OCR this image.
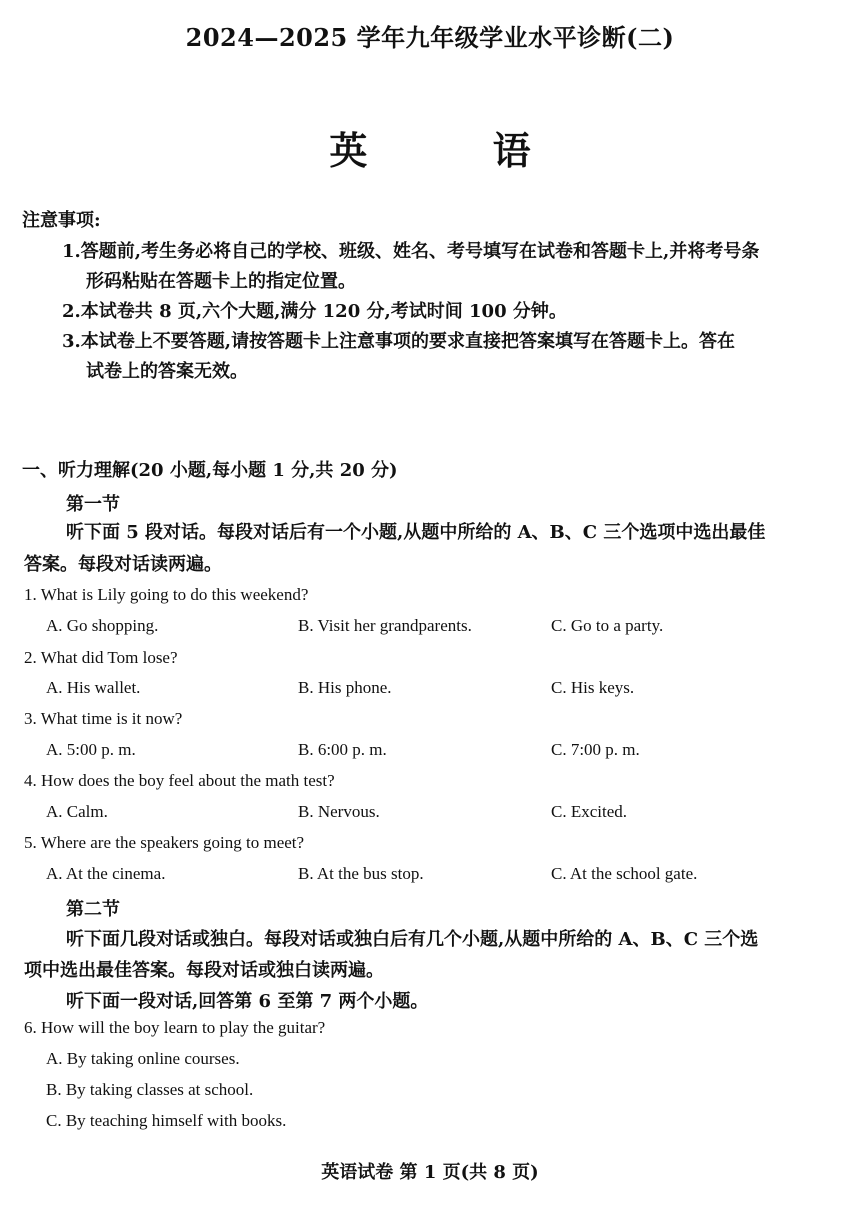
2024—2025 学年九年级学业水平诊断(二)
英 语
注意事项:
1.答题前,考生务必将自己的学校、班级、姓名、考号填写在试卷和答题卡上,并将考号条
形码粘贴在答题卡上的指定位置。
2.本试卷共 8 页,六个大题,满分 120 分,考试时间 100 分钟。
3.本试卷上不要答题,请按答题卡上注意事项的要求直接把答案填写在答题卡上。答在
试卷上的答案无效。
一、听力理解(20 小题,每小题 1 分,共 20 分)
第一节
听下面 5 段对话。每段对话后有一个小题,从题中所给的 A、B、C 三个选项中选出最佳
答案。每段对话读两遍。
1. What is Lily going to do this weekend?
A. Go shopping.	B. Visit her grandparents.	C. Go to a party.
2. What did Tom lose?
A. His wallet.	B. His phone.	C. His keys.
3. What time is it now?
A. 5:00 p. m.	B. 6:00 p. m.	C. 7:00 p. m.
4. How does the boy feel about the math test?
A. Calm.	B. Nervous.	C. Excited.
5. Where are the speakers going to meet?
A. At the cinema.	B. At the bus stop.	C. At the school gate.
第二节
听下面几段对话或独白。每段对话或独白后有几个小题,从题中所给的 A、B、C 三个选
项中选出最佳答案。每段对话或独白读两遍。
听下面一段对话,回答第 6 至第 7 两个小题。
6. How will the boy learn to play the guitar?
A. By taking online courses.
B. By taking classes at school.
C. By teaching himself with books.
英语试卷 第 1 页(共 8 页)
